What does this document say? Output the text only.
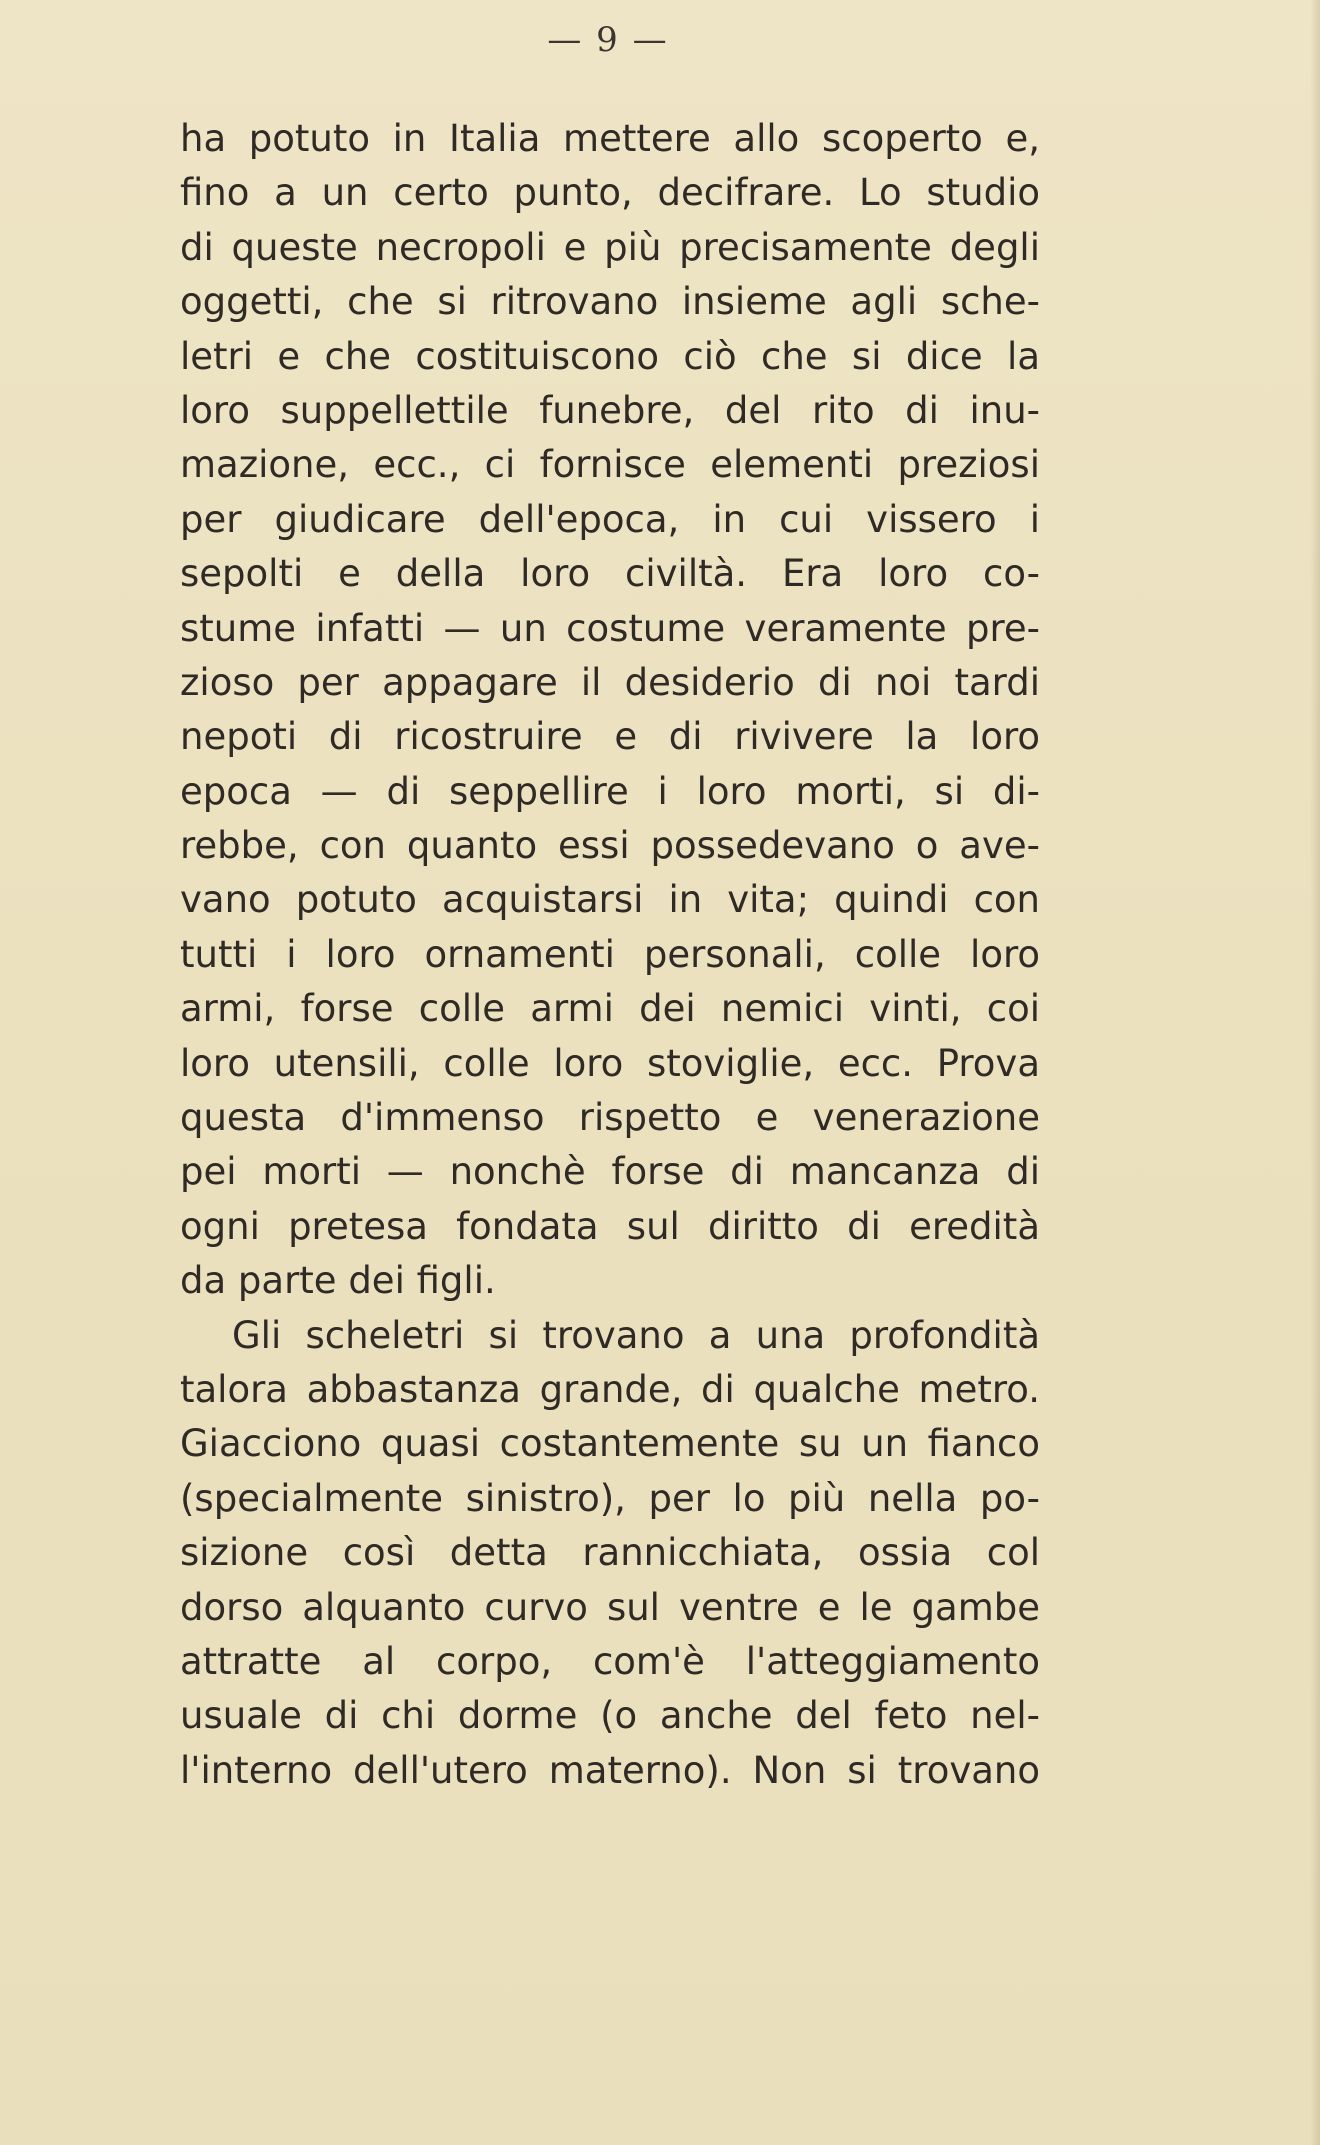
— 9 —
ha potuto in Italia mettere allo scoperto e,
fino a un certo punto, decifrare. Lo studio
di queste necropoli e più precisamente degli
oggetti, che si ritrovano insieme agli sche-
letri e che costituiscono ciò che si dice la
loro suppellettile funebre, del rito di inu-
mazione, ecc., ci fornisce elementi preziosi
per giudicare dell'epoca, in cui vissero i
sepolti e della loro civiltà. Era loro co-
stume infatti — un costume veramente pre-
zioso per appagare il desiderio di noi tardi
nepoti di ricostruire e di rivivere la loro
epoca — di seppellire i loro morti, si di-
rebbe, con quanto essi possedevano o ave-
vano potuto acquistarsi in vita; quindi con
tutti i loro ornamenti personali, colle loro
armi, forse colle armi dei nemici vinti, coi
loro utensili, colle loro stoviglie, ecc. Prova
questa d'immenso rispetto e venerazione
pei morti — nonchè forse di mancanza di
ogni pretesa fondata sul diritto di eredità
da parte dei figli.
Gli scheletri si trovano a una profondità
talora abbastanza grande, di qualche metro.
Giacciono quasi costantemente su un fianco
(specialmente sinistro), per lo più nella po-
sizione così detta rannicchiata, ossia col
dorso alquanto curvo sul ventre e le gambe
attratte al corpo, com'è l'atteggiamento
usuale di chi dorme (o anche del feto nel-
l'interno dell'utero materno). Non si trovano
